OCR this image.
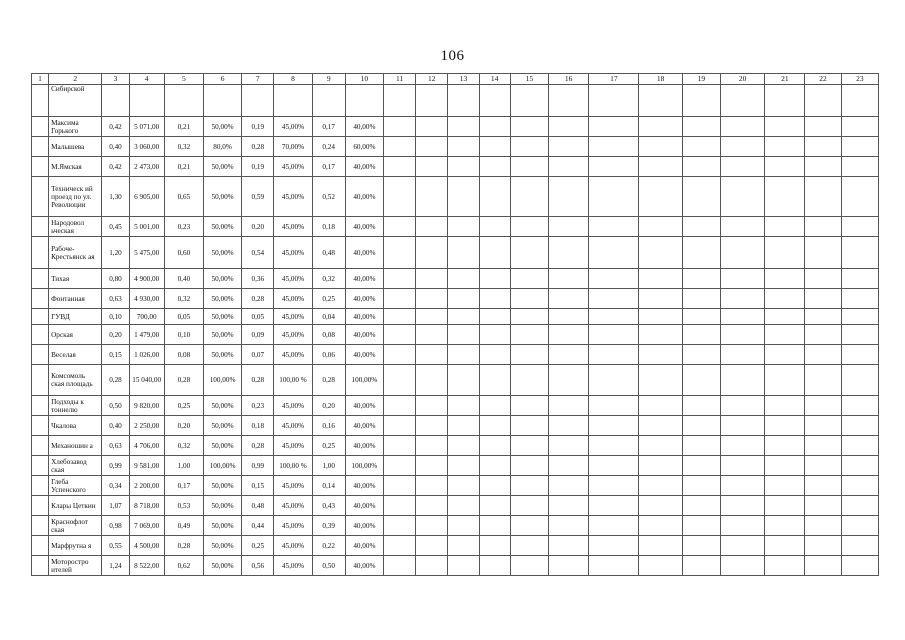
106
1	2	3	4	5	6	7	8	9	10	11	12	13	14	15	16	17	18	19	20	21	22	23
	Сибирской																					
	Максима Горького	0,42	5 071,00	0,21	50,00%	0,19	45,00%	0,17	40,00%													
	Малышева	0,40	3 060,00	0,32	80,0%	0,28	70,00%	0,24	60,00%													
	М.Ямская	0,42	2 473,00	0,21	50,00%	0,19	45,00%	0,17	40,00%													
	Техническ ий проезд по ул. Революции	1,30	6 905,00	0,65	50,00%	0,59	45,00%	0,52	40,00%													
	Народовол ьческая	0,45	5 001,00	0,23	50,00%	0,20	45,00%	0,18	40,00%													
	Рабоче-Крестьянск ая	1,20	5 475,00	0,60	50,00%	0,54	45,00%	0,48	40,00%													
	Тихая	0,80	4 900,00	0,40	50,00%	0,36	45,00%	0,32	40,00%													
	Фонтанная	0,63	4 930,00	0,32	50,00%	0,28	45,00%	0,25	40,00%													
	ГУВД	0,10	700,00	0,05	50,00%	0,05	45,00%	0,04	40,00%													
	Орская	0,20	1 479,00	0,10	50,00%	0,09	45,00%	0,08	40,00%													
	Веселая	0,15	1 026,00	0,08	50,00%	0,07	45,00%	0,06	40,00%													
	Комсомоль ская площадь	0,28	15 040,00	0,28	100,00%	0,28	100,00 %	0,28	100,00%													
	Подходы к тоннелю	0,50	9 820,00	0,25	50,00%	0,23	45,00%	0,20	40,00%													
	Чкалова	0,40	2 250,00	0,20	50,00%	0,18	45,00%	0,16	40,00%													
	Механошин а	0,63	4 706,00	0,32	50,00%	0,28	45,00%	0,25	40,00%													
	Хлебозавод ская	0,99	9 581,00	1,00	100,00%	0,99	100,00 %	1,00	100,00%													
	Глеба Успенского	0,34	2 200,00	0,17	50,00%	0,15	45,00%	0,14	40,00%													
	Клары Цеткин	1,07	8 718,00	0,53	50,00%	0,48	45,00%	0,43	40,00%													
	Краснофлот ская	0,98	7 069,00	0,49	50,00%	0,44	45,00%	0,39	40,00%													
	Марфрутна я	0,55	4 500,00	0,28	50,00%	0,25	45,00%	0,22	40,00%													
	Моторостро ителей	1,24	8 522,00	0,62	50,00%	0,56	45,00%	0,50	40,00%													
